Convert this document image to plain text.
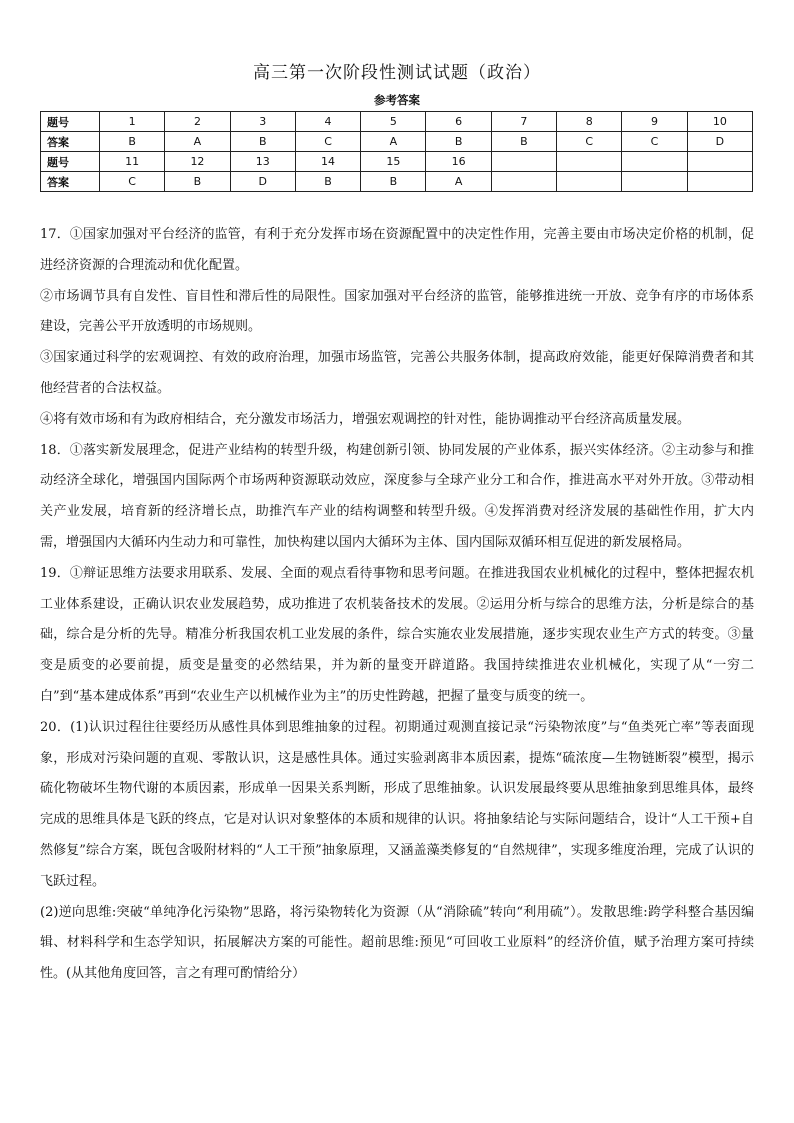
高三第一次阶段性测试试题（政治）
参考答案
题号	1	2	3	4	5	6	7	8	9	10
答案	B	A	B	C	A	B	B	C	C	D
题号	11	12	13	14	15	16				
答案	C	B	D	B	B	A				

17．①国家加强对平台经济的监管，有利于充分发挥市场在资源配置中的决定性作用，完善主要由市场决定价格的机制，促进经济资源的合理流动和优化配置。

②市场调节具有自发性、盲目性和滞后性的局限性。国家加强对平台经济的监管，能够推进统一开放、竞争有序的市场体系建设，完善公平开放透明的市场规则。

③国家通过科学的宏观调控、有效的政府治理，加强市场监管，完善公共服务体制，提高政府效能，能更好保障消费者和其他经营者的合法权益。

④将有效市场和有为政府相结合，充分激发市场活力，增强宏观调控的针对性，能协调推动平台经济高质量发展。

18．①落实新发展理念，促进产业结构的转型升级，构建创新引领、协同发展的产业体系，振兴实体经济。②主动参与和推动经济全球化，增强国内国际两个市场两种资源联动效应，深度参与全球产业分工和合作，推进高水平对外开放。③带动相关产业发展，培育新的经济增长点，助推汽车产业的结构调整和转型升级。④发挥消费对经济发展的基础性作用，扩大内需，增强国内大循环内生动力和可靠性，加快构建以国内大循环为主体、国内国际双循环相互促进的新发展格局。

19．①辩证思维方法要求用联系、发展、全面的观点看待事物和思考问题。在推进我国农业机械化的过程中，整体把握农机工业体系建设，正确认识农业发展趋势，成功推进了农机装备技术的发展。②运用分析与综合的思维方法，分析是综合的基础，综合是分析的先导。精准分析我国农机工业发展的条件，综合实施农业发展措施，逐步实现农业生产方式的转变。③量变是质变的必要前提，质变是量变的必然结果，并为新的量变开辟道路。我国持续推进农业机械化，实现了从“一穷二白”到“基本建成体系”再到“农业生产以机械作业为主”的历史性跨越，把握了量变与质变的统一。

20．(1)认识过程往往要经历从感性具体到思维抽象的过程。初期通过观测直接记录“污染物浓度”与“鱼类死亡率”等表面现象，形成对污染问题的直观、零散认识，这是感性具体。通过实验剥离非本质因素，提炼“硫浓度—生物链断裂”模型，揭示硫化物破坏生物代谢的本质因素，形成单一因果关系判断，形成了思维抽象。认识发展最终要从思维抽象到思维具体，最终完成的思维具体是飞跃的终点，它是对认识对象整体的本质和规律的认识。将抽象结论与实际问题结合，设计“人工干预+自然修复”综合方案，既包含吸附材料的“人工干预”抽象原理，又涵盖藻类修复的“自然规律”，实现多维度治理，完成了认识的飞跃过程。

(2)逆向思维:突破“单纯净化污染物”思路，将污染物转化为资源（从“消除硫”转向“利用硫”）。发散思维:跨学科整合基因编辑、材料科学和生态学知识，拓展解决方案的可能性。超前思维:预见“可回收工业原料”的经济价值，赋予治理方案可持续性。(从其他角度回答，言之有理可酌情给分）
